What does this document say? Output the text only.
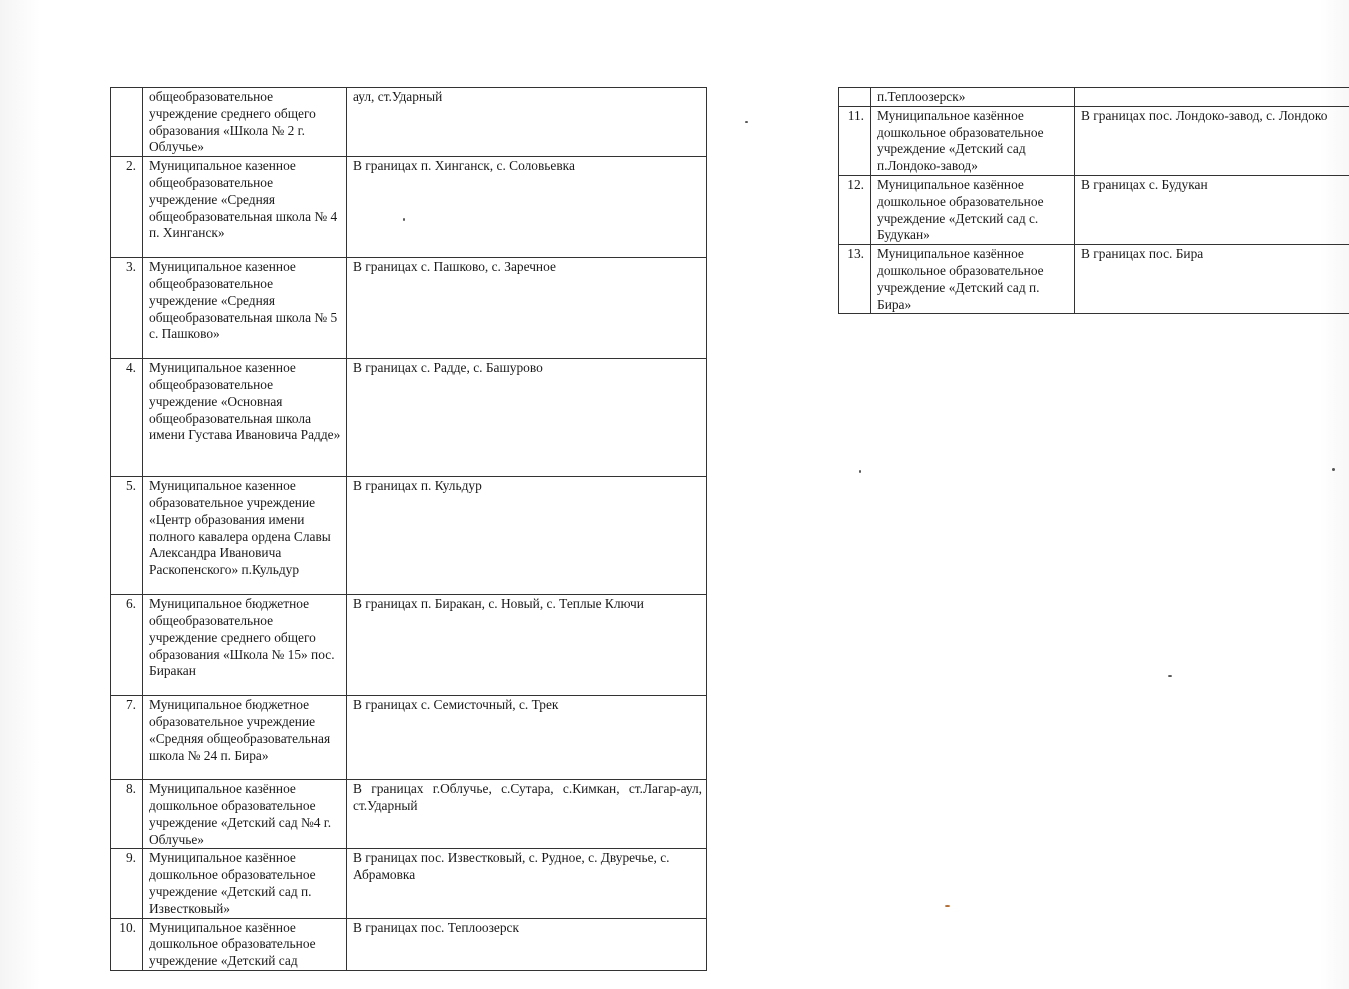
	общеобразовательное учреждение среднего общего образования «Школа № 2 г. Облучье»	аул, ст.Ударный
2.	Муниципальное казенное общеобразовательное учреждение «Средняя общеобразовательная школа № 4 п. Хинганск»	В границах п. Хинганск, с. Соловьевка
3.	Муниципальное казенное общеобразовательное учреждение «Средняя общеобразовательная школа № 5 с. Пашково»	В границах с. Пашково, с. Заречное
4.	Муниципальное казенное общеобразовательное учреждение «Основная общеобразовательная школа имени Густава Ивановича Радде»	В границах с. Радде, с. Башурово
5.	Муниципальное казенное образовательное учреждение «Центр образования имени полного кавалера ордена Славы Александра Ивановича Раскопенского» п.Кульдур	В границах п. Кульдур
6.	Муниципальное бюджетное общеобразовательное учреждение среднего общего образования «Школа № 15» пос. Биракан	В границах п. Биракан, с. Новый, с. Теплые Ключи
7.	Муниципальное бюджетное образовательное учреждение «Средняя общеобразовательная школа № 24 п. Бира»	В границах с. Семисточный, с. Трек
8.	Муниципальное казённое дошкольное образовательное учреждение «Детский сад №4 г. Облучье»	В границах г.Облучье, с.Сутара, с.Кимкан, ст.Лагар-аул, ст.Ударный
9.	Муниципальное казённое дошкольное образовательное учреждение «Детский сад п. Известковый»	В границах пос. Известковый, с. Рудное, с. Двуречье, с. Абрамовка
10.	Муниципальное казённое дошкольное образовательное учреждение «Детский сад	В границах пос. Теплоозерск
	п.Теплоозерск»	
11.	Муниципальное казённое дошкольное образовательное учреждение «Детский сад п.Лондоко-завод»	В границах пос. Лондоко-завод, с. Лондоко
12.	Муниципальное казённое дошкольное образовательное учреждение «Детский сад с. Будукан»	В границах с. Будукан
13.	Муниципальное казённое дошкольное образовательное учреждение «Детский сад п. Бира»	В границах пос. Бира
